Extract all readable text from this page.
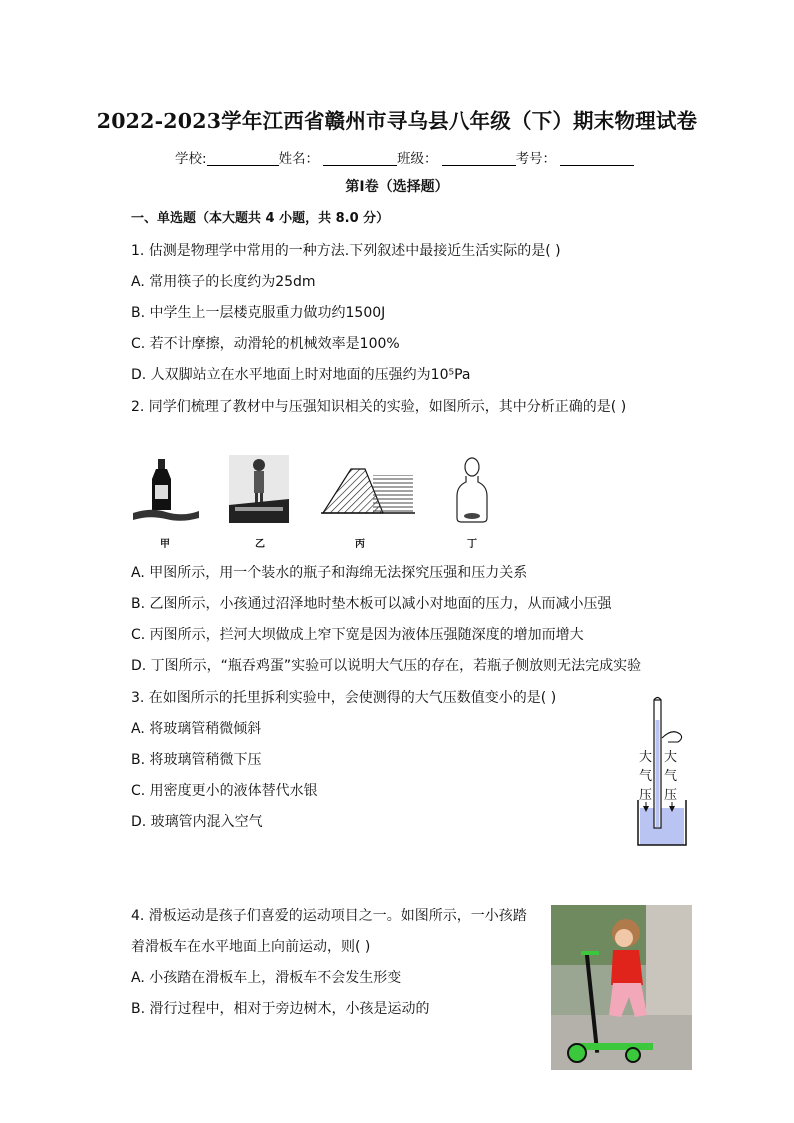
2022-2023学年江西省赣州市寻乌县八年级（下）期末物理试卷
学校:	姓名：	班级：	考号：
第Ⅰ卷（选择题）
一、单选题（本大题共 4 小题，共 8.0 分）
1. 估测是物理学中常用的一种方法.下列叙述中最接近生活实际的是( )
A. 常用筷子的长度约为25dm
B. 中学生上一层楼克服重力做功约1500J
C. 若不计摩擦，动滑轮的机械效率是100%
D. 人双脚站立在水平地面上时对地面的压强约为10⁵Pa
2. 同学们梳理了教材中与压强知识相关的实验，如图所示，其中分析正确的是( )
甲	乙	丙	丁
A. 甲图所示，用一个装水的瓶子和海绵无法探究压强和压力关系
B. 乙图所示，小孩通过沼泽地时垫木板可以减小对地面的压力，从而减小压强
C. 丙图所示，拦河大坝做成上窄下宽是因为液体压强随深度的增加而增大
D. 丁图所示，“瓶吞鸡蛋”实验可以说明大气压的存在，若瓶子侧放则无法完成实验
3. 在如图所示的托里拆利实验中，会使测得的大气压数值变小的是( )
A. 将玻璃管稍微倾斜
B. 将玻璃管稍微下压
C. 用密度更小的液体替代水银
D. 玻璃管内混入空气
大
气
压
大
气
压
4. 滑板运动是孩子们喜爱的运动项目之一。如图所示，一小孩踏
着滑板车在水平地面上向前运动，则( )
A. 小孩踏在滑板车上，滑板车不会发生形变
B. 滑行过程中，相对于旁边树木，小孩是运动的
